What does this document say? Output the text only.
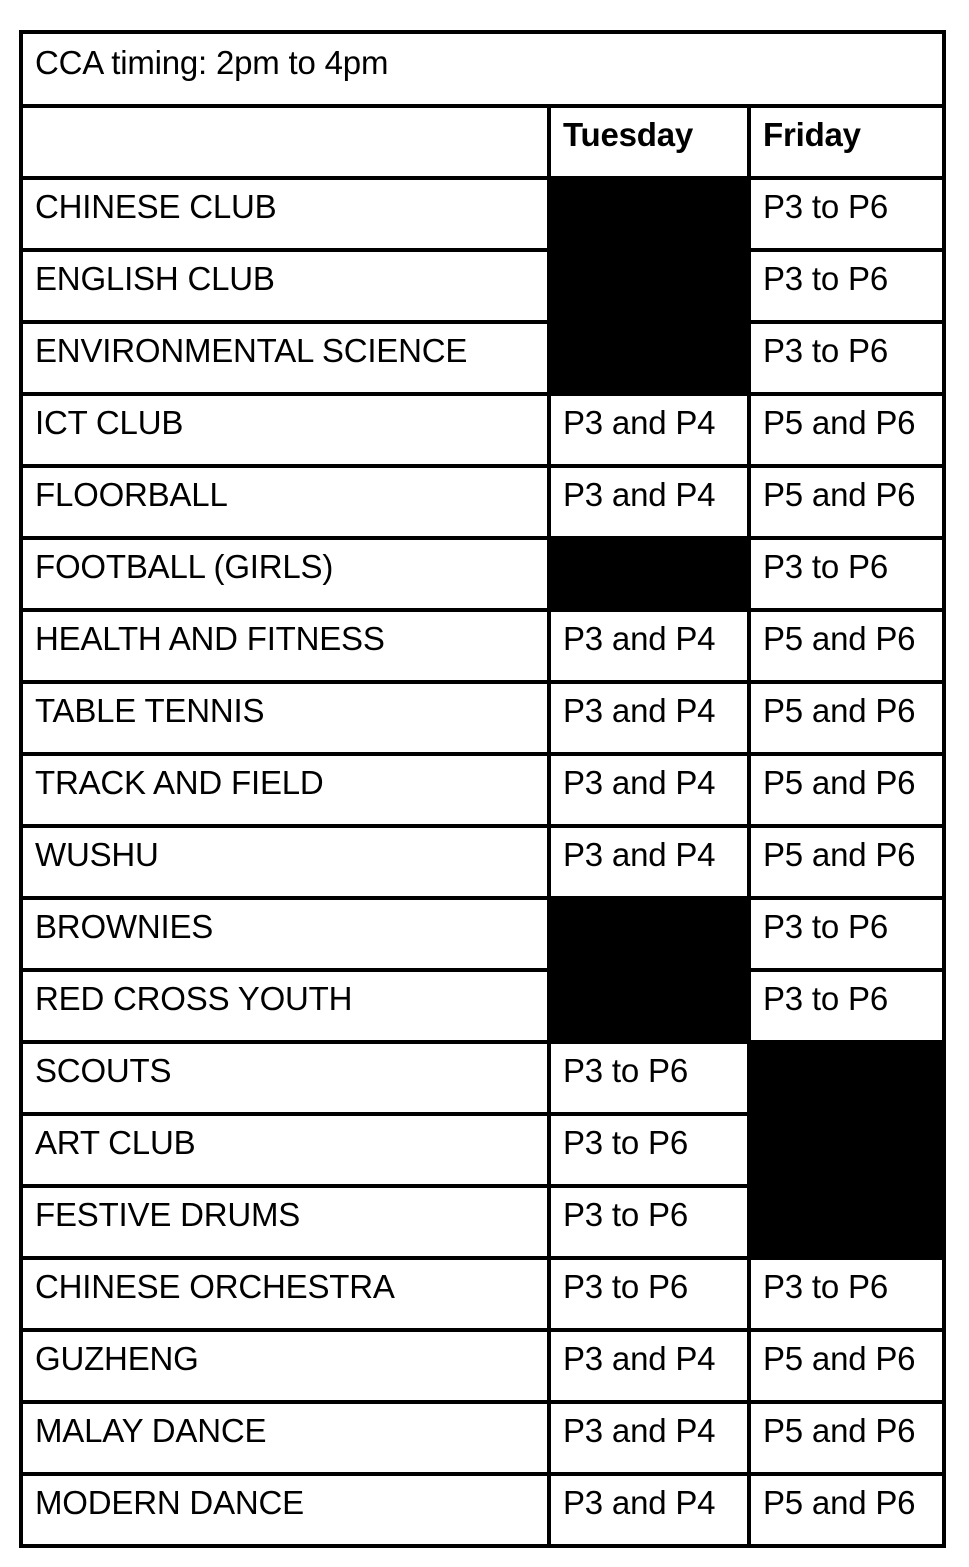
CCA timing: 2pm to 4pm		
	Tuesday	Friday
CHINESE CLUB		P3 to P6
ENGLISH CLUB		P3 to P6
ENVIRONMENTAL SCIENCE		P3 to P6
ICT CLUB	P3 and P4	P5 and P6
FLOORBALL	P3 and P4	P5 and P6
FOOTBALL (GIRLS)		P3 to P6
HEALTH AND FITNESS	P3 and P4	P5 and P6
TABLE TENNIS	P3 and P4	P5 and P6
TRACK AND FIELD	P3 and P4	P5 and P6
WUSHU	P3 and P4	P5 and P6
BROWNIES		P3 to P6
RED CROSS YOUTH		P3 to P6
SCOUTS	P3 to P6	
ART CLUB	P3 to P6	
FESTIVE DRUMS	P3 to P6	
CHINESE ORCHESTRA	P3 to P6	P3 to P6
GUZHENG	P3 and P4	P5 and P6
MALAY DANCE	P3 and P4	P5 and P6
MODERN DANCE	P3 and P4	P5 and P6
